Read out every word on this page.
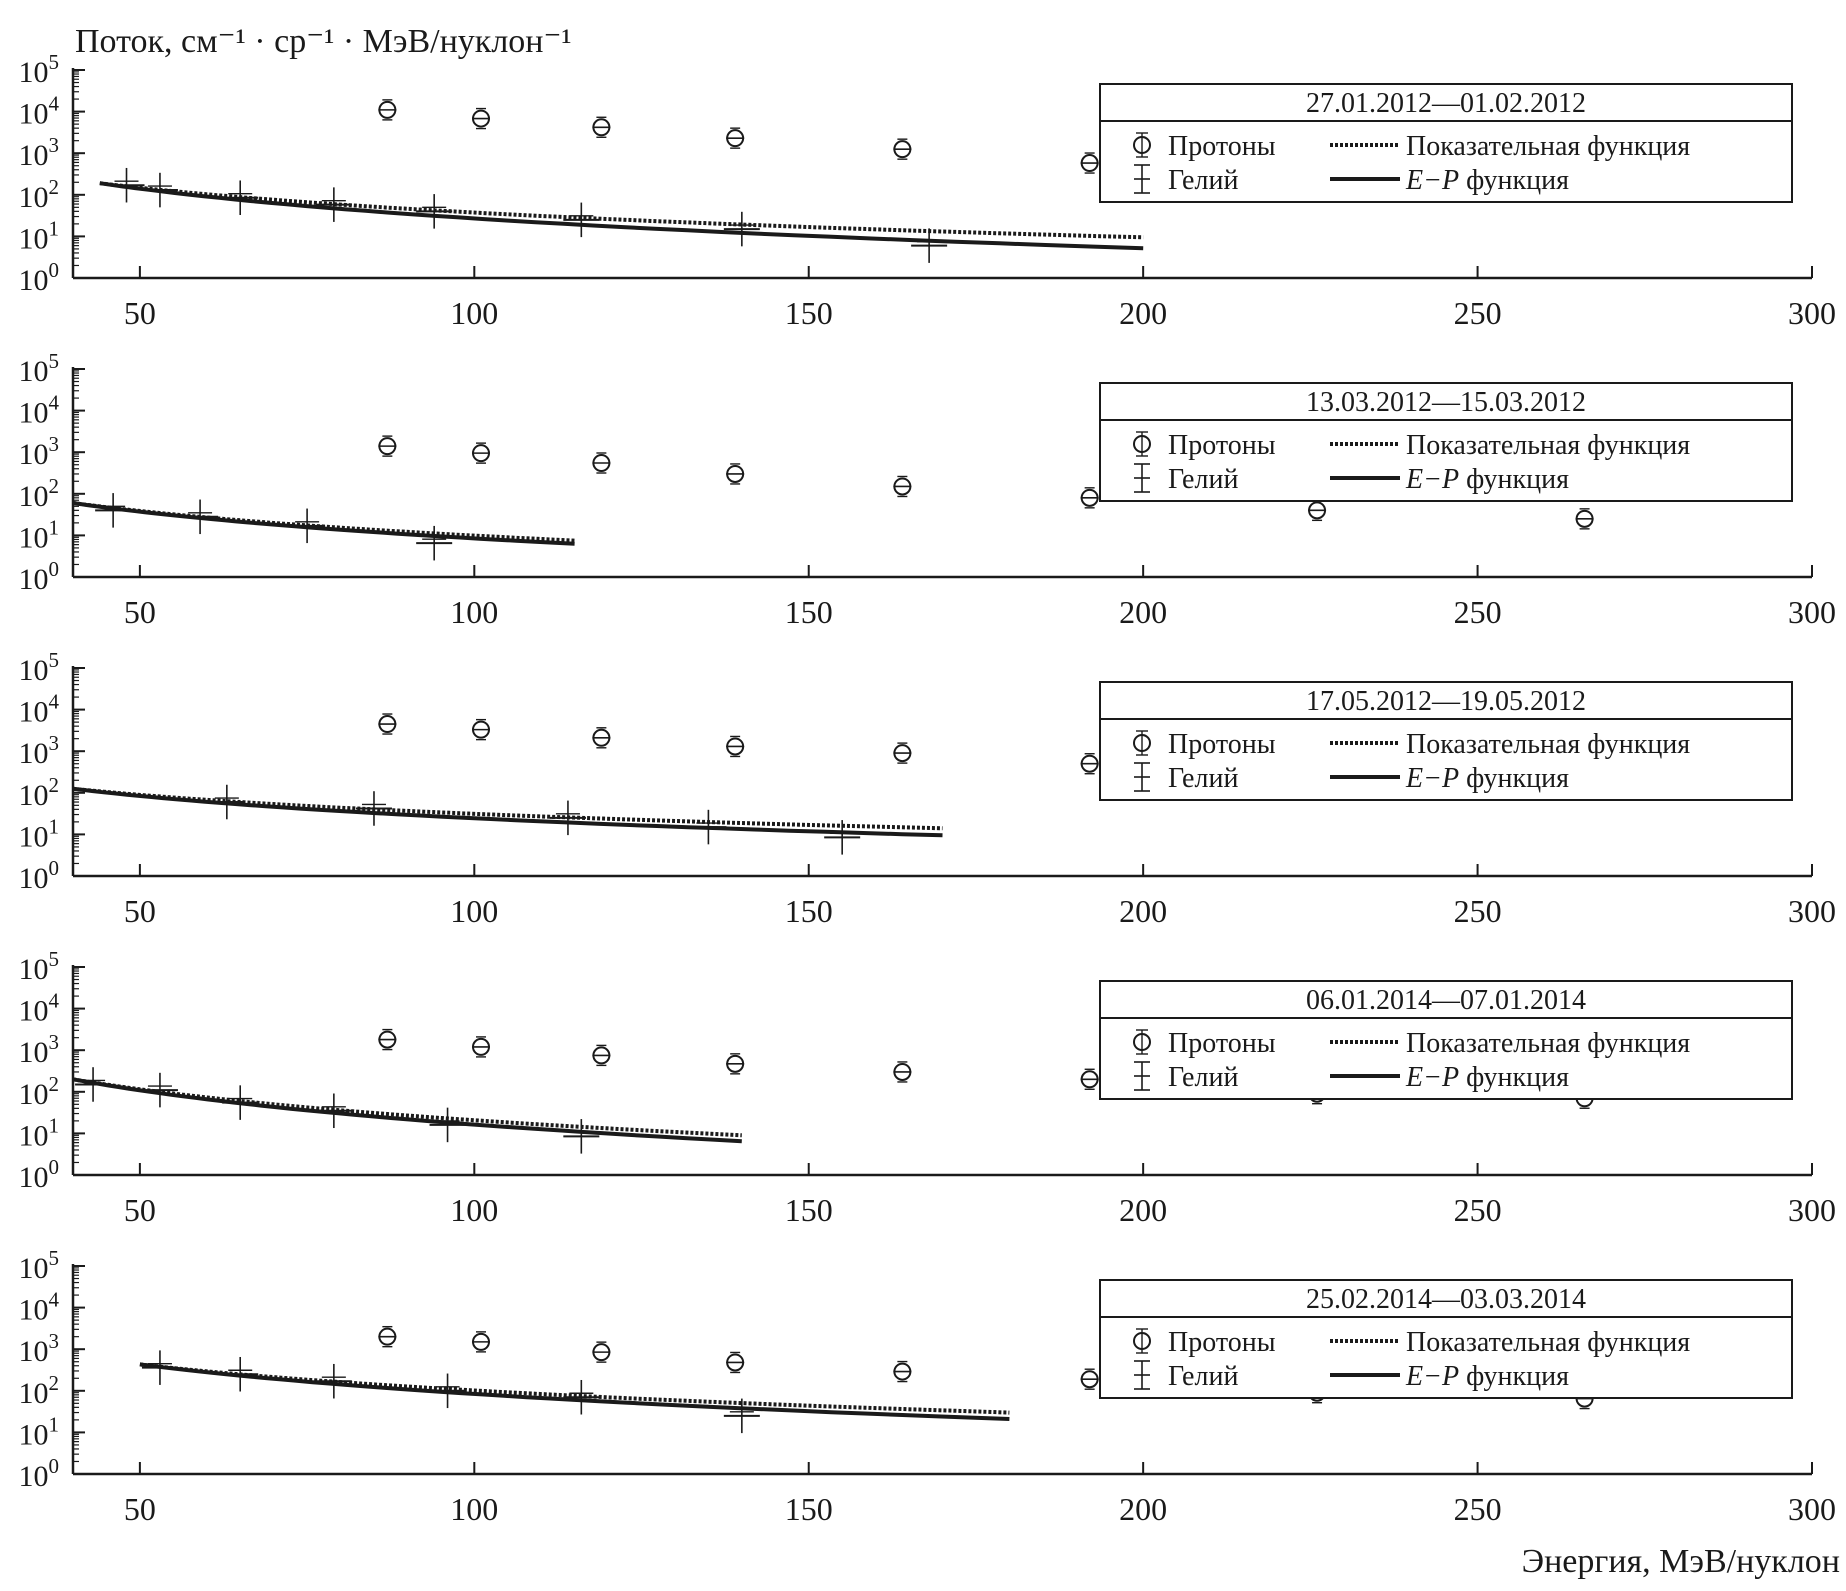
Поток, см⁻¹ · ср⁻¹ · МэВ/нуклон⁻¹
Энергия, МэВ/нуклон
$10^0$
$10^1$
$10^2$
$10^3$
$10^4$
$10^5$
50	100	150	200	250	300
27.01.2012—01.02.2012
Протоны
Гелий
Показательная функция
E−P функция
$10^0$
$10^1$
$10^2$
$10^3$
$10^4$
$10^5$
50	100	150	200	250	300
13.03.2012—15.03.2012
Протоны
Гелий
Показательная функция
E−P функция
$10^0$
$10^1$
$10^2$
$10^3$
$10^4$
$10^5$
50	100	150	200	250	300
17.05.2012—19.05.2012
Протоны
Гелий
Показательная функция
E−P функция
$10^0$
$10^1$
$10^2$
$10^3$
$10^4$
$10^5$
50	100	150	200	250	300
06.01.2014—07.01.2014
Протоны
Гелий
Показательная функция
E−P функция
$10^0$
$10^1$
$10^2$
$10^3$
$10^4$
$10^5$
50	100	150	200	250	300
25.02.2014—03.03.2014
Протоны
Гелий
Показательная функция
E−P функция
